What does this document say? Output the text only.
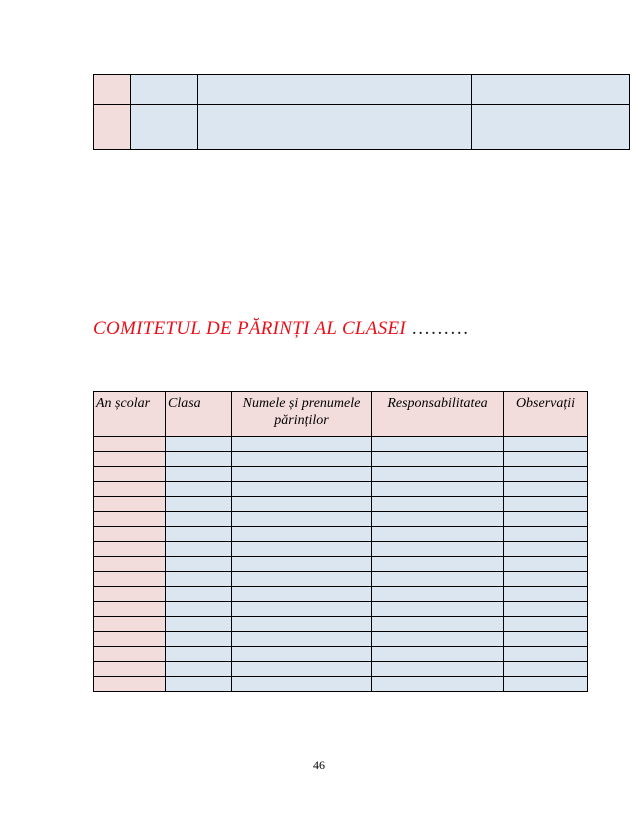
COMITETUL DE PĂRINȚI AL CLASEI ………
An școlar	Clasa	Numele și prenumele părinților	Responsabilitatea	Observații

46
